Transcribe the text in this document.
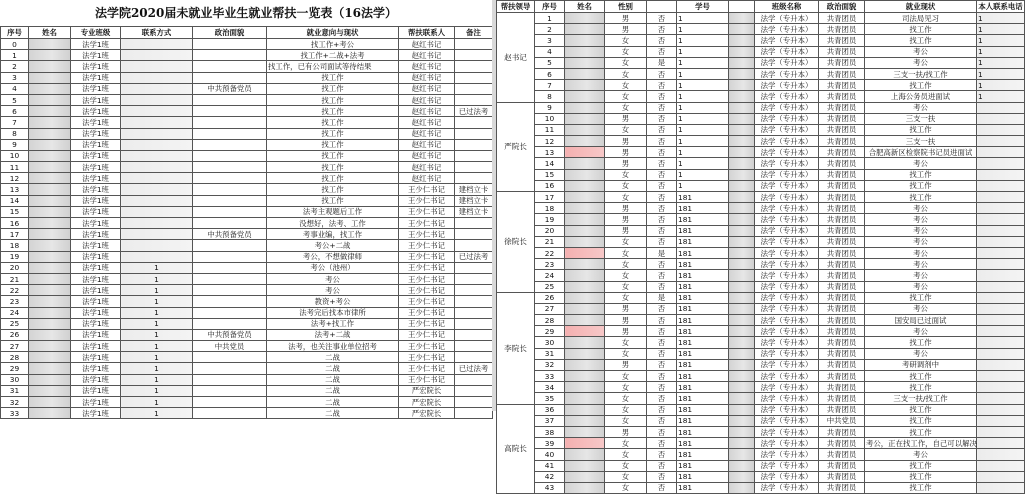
法学院2020届未就业毕业生就业帮扶一览表（16法学）
序号	姓名	专业班级	联系方式	政治面貌	就业意向与现状	帮扶联系人	备注
0		法学1班			找工作+考公	赵红书记	
1		法学1班			找工作+二战+法考	赵红书记	
2		法学1班			找工作，已有公司面试等待结果	赵红书记	
3		法学1班			找工作	赵红书记	
4		法学1班		中共预备党员	找工作	赵红书记	
5		法学1班			找工作	赵红书记	
6		法学1班			找工作	赵红书记	已过法考
7		法学1班			找工作	赵红书记	
8		法学1班			找工作	赵红书记	
9		法学1班			找工作	赵红书记	
10		法学1班			找工作	赵红书记	
11		法学1班			找工作	赵红书记	
12		法学1班			找工作	赵红书记	
13		法学1班			找工作	王少仁书记	建档立卡
14		法学1班			找工作	王少仁书记	建档立卡
15		法学1班			法考主观题后工作	王少仁书记	建档立卡
16		法学1班			没想好，法考、工作	王少仁书记	
17		法学1班		中共预备党员	考事业编，找工作	王少仁书记	
18		法学1班			考公+二战	王少仁书记	
19		法学1班			考公，不想做律师	王少仁书记	已过法考
20		法学1班	1		考公（池州）	王少仁书记	
21		法学1班	1		考公	王少仁书记	
22		法学1班	1		考公	王少仁书记	
23		法学1班	1		教资+考公	王少仁书记	
24		法学1班	1		法考完后找本市律所	王少仁书记	
25		法学1班	1		法考+找工作	王少仁书记	
26		法学1班	1	中共预备党员	法考+二战	王少仁书记	
27		法学1班	1	中共党员	法考，也关注事业单位招考	王少仁书记	
28		法学1班	1		二战	王少仁书记	
29		法学1班	1		二战	王少仁书记	已过法考
30		法学1班	1		二战	王少仁书记	
31		法学1班	1		二战	严宏院长	
32		法学1班	1		二战	严宏院长	
33		法学1班	1		二战	严宏院长	
帮扶领导	序号	姓名	性别		学号		班级名称	政治面貌	就业现状	本人联系电话
赵书记	1		男	否	1		法学（专升本）	共青团员	司法局见习	1
	2		男	否	1		法学（专升本）	共青团员	找工作	1
	3		女	否	1		法学（专升本）	共青团员	找工作	1
	4		女	否	1		法学（专升本）	共青团员	考公	1
	5		女	是	1		法学（专升本）	共青团员	考公	1
	6		女	否	1		法学（专升本）	共青团员	三支一扶/找工作	1
	7		女	否	1		法学（专升本）	共青团员	找工作	1
	8		女	否	1		法学（专升本）	共青团员	上海公务员进面试	1
严院长	9		女	否	1		法学（专升本）	共青团员	考公	
	10		男	否	1		法学（专升本）	共青团员	三支一扶	
	11		女	否	1		法学（专升本）	共青团员	找工作	
	12		男	否	1		法学（专升本）	共青团员	三支一扶	
	13		男	否	1		法学（专升本）	共青团员	合肥高新区检察院书记员进面试	
	14		男	否	1		法学（专升本）	共青团员	考公	
	15		女	否	1		法学（专升本）	共青团员	找工作	
	16		女	否	1		法学（专升本）	共青团员	找工作	
徐院长	17		女	否	181		法学（专升本）	共青团员	找工作	
	18		男	否	181		法学（专升本）	共青团员	考公	
	19		男	否	181		法学（专升本）	共青团员	考公	
	20		男	否	181		法学（专升本）	共青团员	考公	
	21		女	否	181		法学（专升本）	共青团员	考公	
	22		女	是	181		法学（专升本）	共青团员	考公	
	23		女	否	181		法学（专升本）	共青团员	考公	
	24		女	否	181		法学（专升本）	共青团员	考公	
	25		女	否	181		法学（专升本）	共青团员	考公	
李院长	26		女	是	181		法学（专升本）	共青团员	找工作	
	27		男	否	181		法学（专升本）	共青团员	考公	
	28		男	否	181		法学（专升本）	共青团员	国安局已过面试	
	29		男	否	181		法学（专升本）	共青团员	考公	
	30		女	否	181		法学（专升本）	共青团员	找工作	
	31		女	否	181		法学（专升本）	共青团员	考公	
	32		男	否	181		法学（专升本）	共青团员	考研调剂中	
	33		女	否	181		法学（专升本）	共青团员	找工作	
	34		女	否	181		法学（专升本）	共青团员	找工作	
	35		女	否	181		法学（专升本）	共青团员	三支一扶/找工作	
高院长	36		女	否	181		法学（专升本）	共青团员	找工作	
	37		女	否	181		法学（专升本）	中共党员	找工作	
	38		男	否	181		法学（专升本）	共青团员	找工作	
	39		女	否	181		法学（专升本）	共青团员	考公，正在找工作，自己可以解决	
	40		女	否	181		法学（专升本）	共青团员	考公	
	41		女	否	181		法学（专升本）	共青团员	找工作	
	42		女	否	181		法学（专升本）	共青团员	找工作	
	43		女	否	181		法学（专升本）	共青团员	找工作	
